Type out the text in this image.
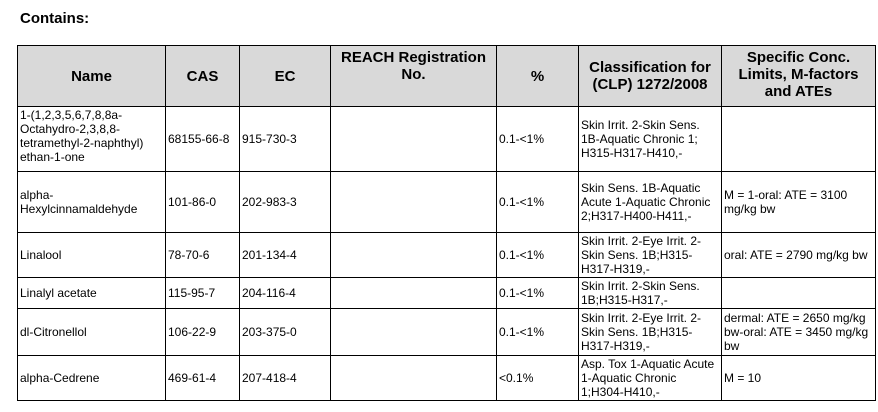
Contains:
Name	CAS	EC	REACH Registration No.	%	Classification for (CLP) 1272/2008	Specific Conc. Limits, M-factors and ATEs
1-(1,2,3,5,6,7,8,8a-Octahydro-2,3,8,8-tetramethyl-2-naphthyl) ethan-1-one	68155-66-8	915-730-3		0.1-<1%	Skin Irrit. 2-Skin Sens. 1B-Aquatic Chronic 1; H315-H317-H410,-	
alpha-Hexylcinnamaldehyde	101-86-0	202-983-3		0.1-<1%	Skin Sens. 1B-Aquatic Acute 1-Aquatic Chronic 2;H317-H400-H411,-	M = 1-oral: ATE = 3100 mg/kg bw
Linalool	78-70-6	201-134-4		0.1-<1%	Skin Irrit. 2-Eye Irrit. 2-Skin Sens. 1B;H315-H317-H319,-	oral: ATE = 2790 mg/kg bw
Linalyl acetate	115-95-7	204-116-4		0.1-<1%	Skin Irrit. 2-Skin Sens. 1B;H315-H317,-	
dl-Citronellol	106-22-9	203-375-0		0.1-<1%	Skin Irrit. 2-Eye Irrit. 2-Skin Sens. 1B;H315-H317-H319,-	dermal: ATE = 2650 mg/kg bw-oral: ATE = 3450 mg/kg bw
alpha-Cedrene	469-61-4	207-418-4		<0.1%	Asp. Tox 1-Aquatic Acute 1-Aquatic Chronic 1;H304-H410,-	M = 10
